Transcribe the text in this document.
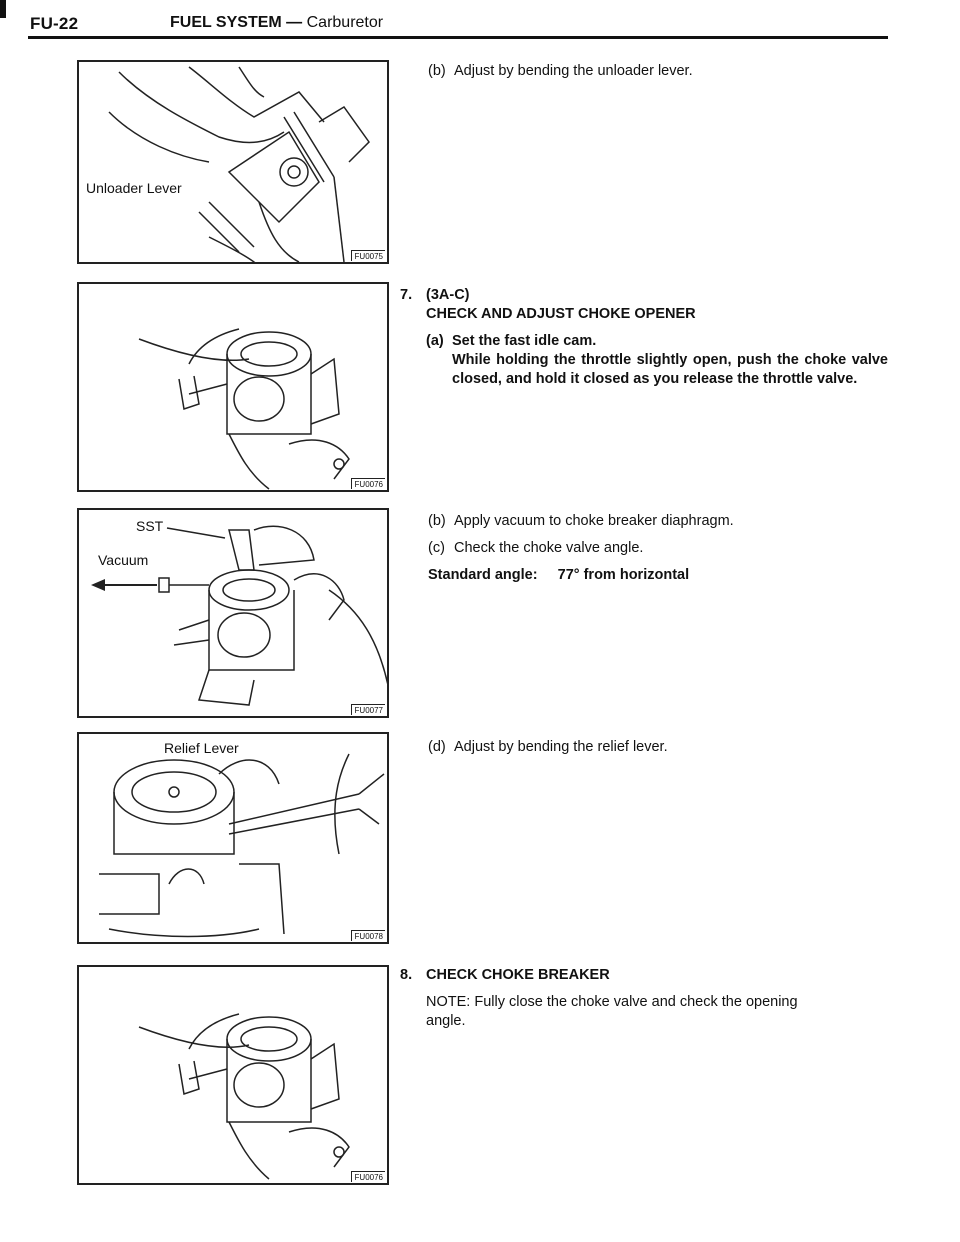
FU-22	FUEL SYSTEM — Carburetor
Unloader Lever
FU0075
FU0076
SST
Vacuum
FU0077
Relief Lever
FU0078
FU0076
(b) Adjust by bending the unloader lever.
7. (3A-C)
CHECK AND ADJUST CHOKE OPENER
(a) Set the fast idle cam.
While holding the throttle slightly open, push the choke valve closed, and hold it closed as you release the throttle valve.
(b) Apply vacuum to choke breaker diaphragm.
(c) Check the choke valve angle.
Standard angle: 77° from horizontal
(d) Adjust by bending the relief lever.
8. CHECK CHOKE BREAKER
NOTE: Fully close the choke valve and check the opening angle.
